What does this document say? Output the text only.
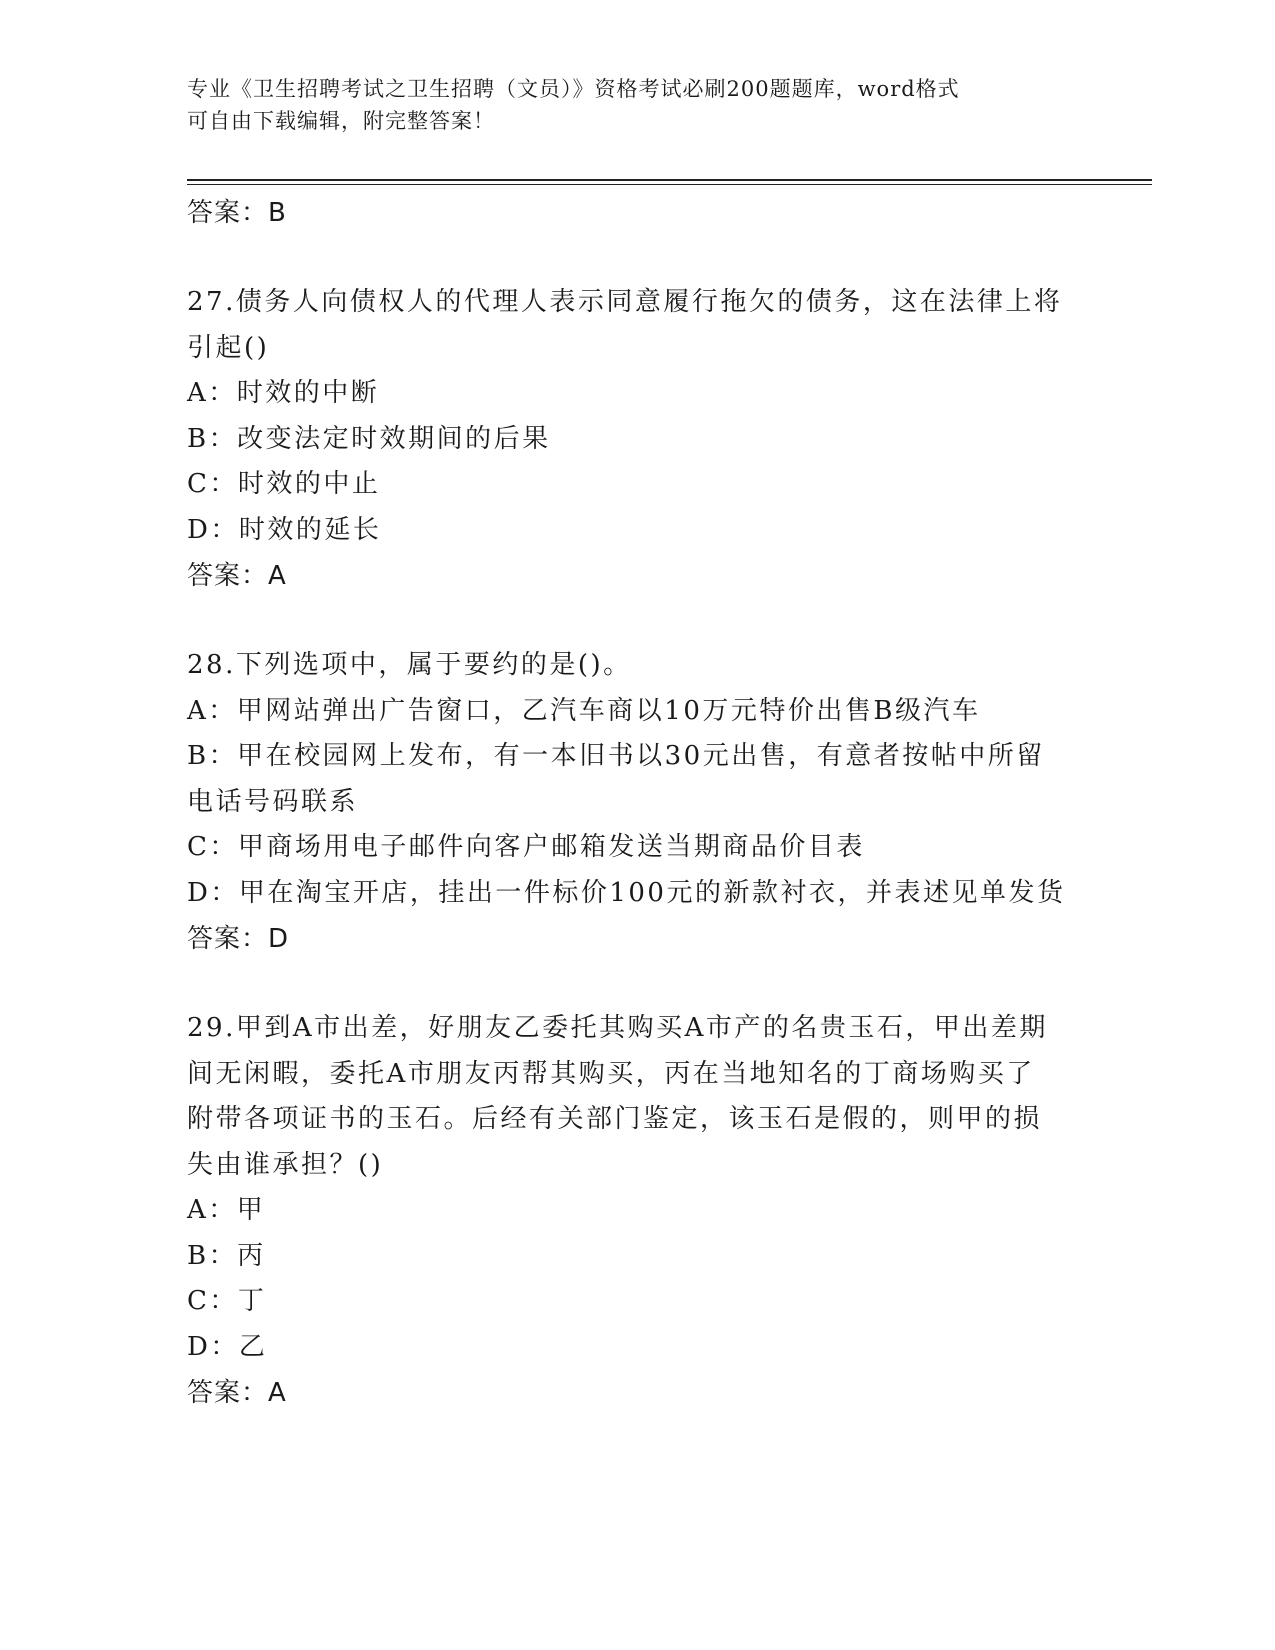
专业《卫生招聘考试之卫生招聘（文员）》资格考试必刷200题题库，word格式
可自由下载编辑，附完整答案！
答案：B
27.债务人向债权人的代理人表示同意履行拖欠的债务，这在法律上将
引起()
A：时效的中断
B：改变法定时效期间的后果
C：时效的中止
D：时效的延长
答案：A
28.下列选项中，属于要约的是()。
A：甲网站弹出广告窗口，乙汽车商以10万元特价出售B级汽车
B：甲在校园网上发布，有一本旧书以30元出售，有意者按帖中所留
电话号码联系
C：甲商场用电子邮件向客户邮箱发送当期商品价目表
D：甲在淘宝开店，挂出一件标价100元的新款衬衣，并表述见单发货
答案：D
29.甲到A市出差，好朋友乙委托其购买A市产的名贵玉石，甲出差期
间无闲暇，委托A市朋友丙帮其购买，丙在当地知名的丁商场购买了
附带各项证书的玉石。后经有关部门鉴定，该玉石是假的，则甲的损
失由谁承担？()
A：甲
B：丙
C：丁
D：乙
答案：A
